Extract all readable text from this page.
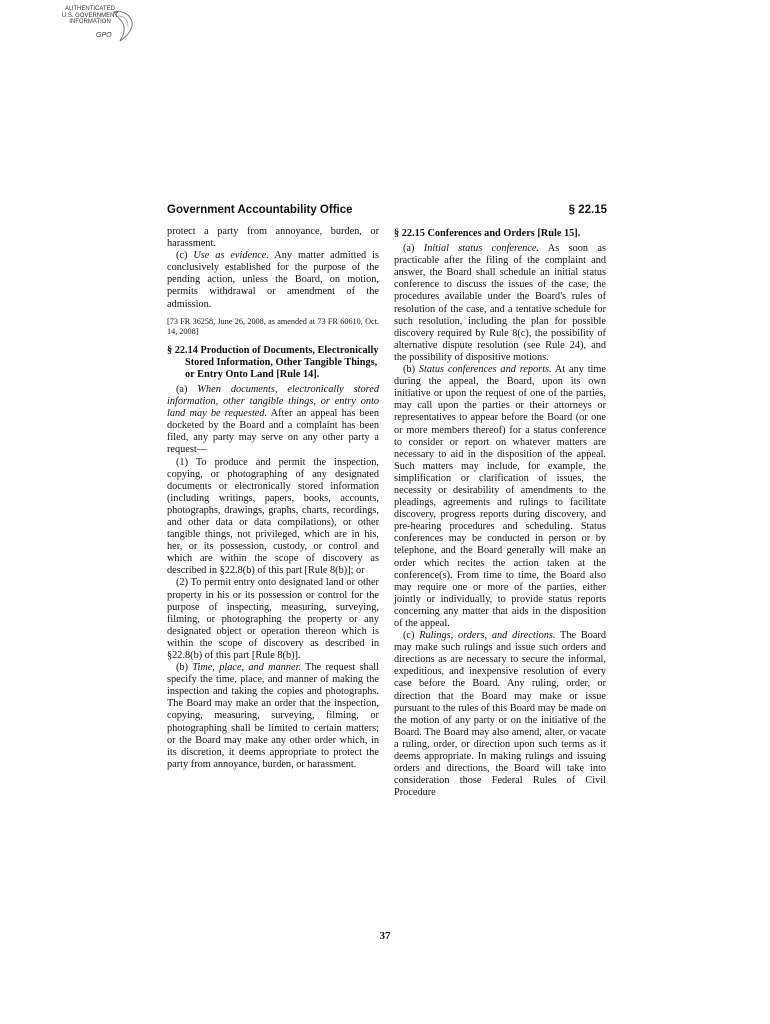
AUTHENTICATED
U.S. GOVERNMENT
INFORMATION
GPO
Government Accountability Office	§ 22.15

protect a party from annoyance, burden, or harassment.

(c) Use as evidence. Any matter admitted is conclusively established for the purpose of the pending action, unless the Board, on motion, permits withdrawal or amendment of the admission.

[73 FR 36258, June 26, 2008, as amended at 73 FR 60610, Oct. 14, 2008]

§ 22.14 Production of Documents, Electronically Stored Information, Other Tangible Things, or Entry Onto Land [Rule 14].

(a) When documents, electronically stored information, other tangible things, or entry onto land may be requested. After an appeal has been docketed by the Board and a complaint has been filed, any party may serve on any other party a request—

(1) To produce and permit the inspection, copying, or photographing of any designated documents or electronically stored information (including writings, papers, books, accounts, photographs, drawings, graphs, charts, recordings, and other data or data compilations), or other tangible things, not privileged, which are in his, her, or its possession, custody, or control and which are within the scope of discovery as described in §22.8(b) of this part [Rule 8(b)]; or

(2) To permit entry onto designated land or other property in his or its possession or control for the purpose of inspecting, measuring, surveying, filming, or photographing the property or any designated object or operation thereon which is within the scope of discovery as described in §22.8(b) of this part [Rule 8(b)].

(b) Time, place, and manner. The request shall specify the time, place, and manner of making the inspection and taking the copies and photographs. The Board may make an order that the inspection, copying, measuring, surveying, filming, or photographing shall be limited to certain matters; or the Board may make any other order which, in its discretion, it deems appropriate to protect the party from annoyance, burden, or harassment.

§ 22.15 Conferences and Orders [Rule 15].

(a) Initial status conference. As soon as practicable after the filing of the complaint and answer, the Board shall schedule an initial status conference to discuss the issues of the case, the procedures available under the Board's rules of resolution of the case, and a tentative schedule for such resolution, including the plan for possible discovery required by Rule 8(c), the possibility of alternative dispute resolution (see Rule 24), and the possibility of dispositive motions.

(b) Status conferences and reports. At any time during the appeal, the Board, upon its own initiative or upon the request of one of the parties, may call upon the parties or their attorneys or representatives to appear before the Board (or one or more members thereof) for a status conference to consider or report on whatever matters are necessary to aid in the disposition of the appeal. Such matters may include, for example, the simplification or clarification of issues, the necessity or desirability of amendments to the pleadings, agreements and rulings to facilitate discovery, progress reports during discovery, and pre-hearing procedures and scheduling. Status conferences may be conducted in person or by telephone, and the Board generally will make an order which recites the action taken at the conference(s). From time to time, the Board also may require one or more of the parties, either jointly or individually, to provide status reports concerning any matter that aids in the disposition of the appeal.

(c) Rulings, orders, and directions. The Board may make such rulings and issue such orders and directions as are necessary to secure the informal, expeditious, and inexpensive resolution of every case before the Board. Any ruling, order, or direction that the Board may make or issue pursuant to the rules of this Board may be made on the motion of any party or on the initiative of the Board. The Board may also amend, alter, or vacate a ruling, order, or direction upon such terms as it deems appropriate. In making rulings and issuing orders and directions, the Board will take into consideration those Federal Rules of Civil Procedure

37
